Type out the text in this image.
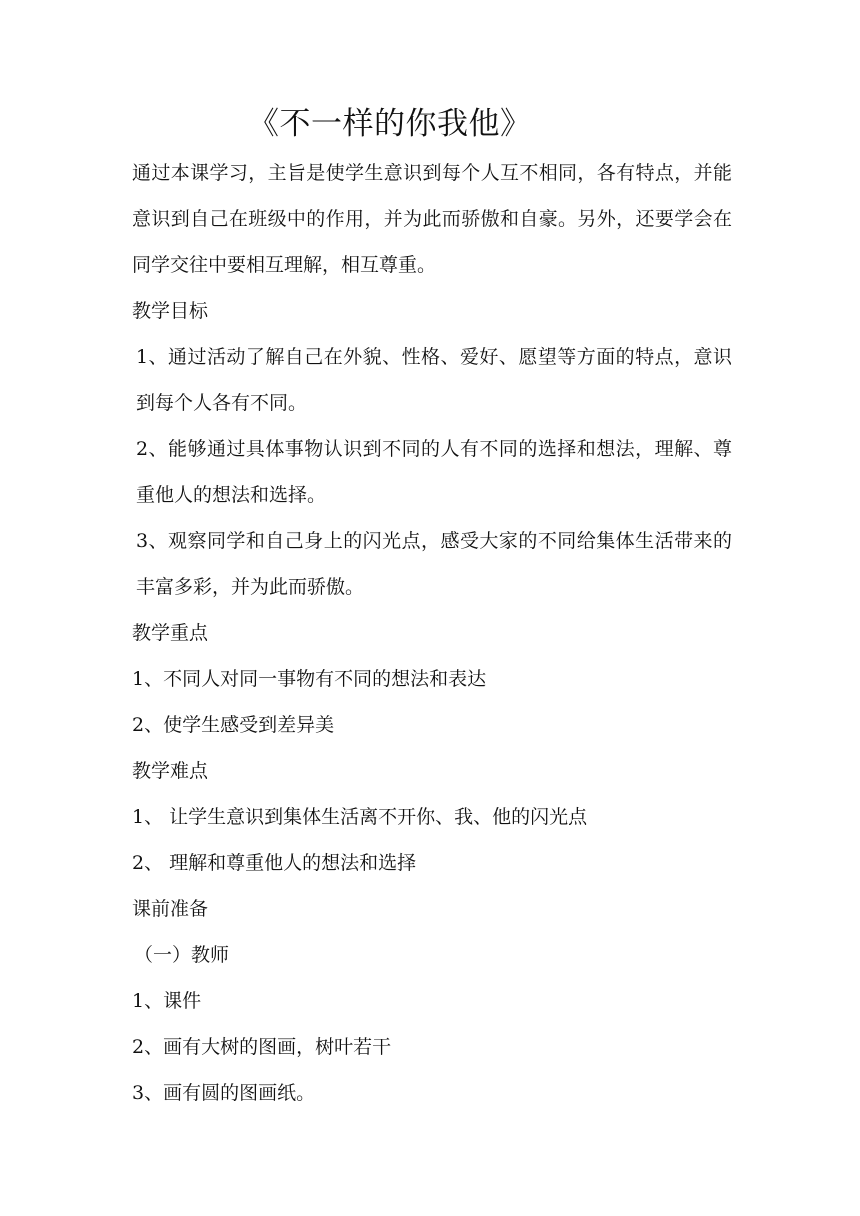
《不一样的你我他》

通过本课学习，主旨是使学生意识到每个人互不相同，各有特点，并能意识到自己在班级中的作用，并为此而骄傲和自豪。另外，还要学会在同学交往中要相互理解，相互尊重。

教学目标

1、通过活动了解自己在外貌、性格、爱好、愿望等方面的特点，意识到每个人各有不同。

2、能够通过具体事物认识到不同的人有不同的选择和想法，理解、尊重他人的想法和选择。

3、观察同学和自己身上的闪光点，感受大家的不同给集体生活带来的丰富多彩，并为此而骄傲。

教学重点

1、不同人对同一事物有不同的想法和表达

2、使学生感受到差异美

教学难点

1、 让学生意识到集体生活离不开你、我、他的闪光点

2、 理解和尊重他人的想法和选择

课前准备

（一）教师

1、课件

2、画有大树的图画，树叶若干

3、画有圆的图画纸。
